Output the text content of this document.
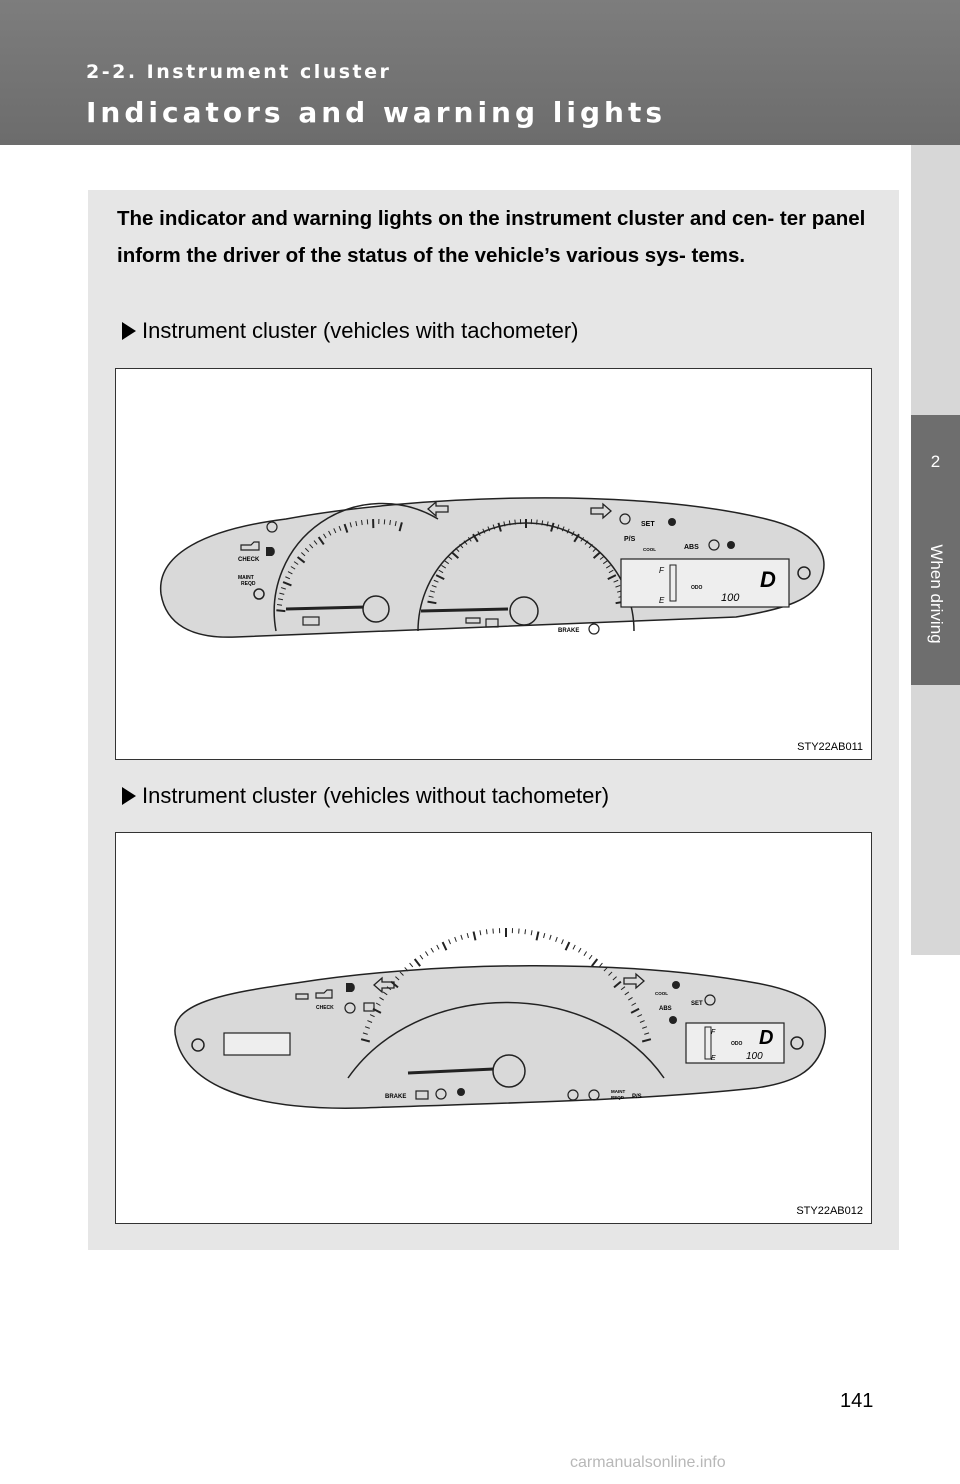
2-2. Instrument cluster
Indicators and warning lights
2
When driving
The indicator and warning lights on the instrument cluster and cen- ter panel inform the driver of the status of the vehicle’s various sys- tems.
Instrument cluster (vehicles with tachometer)
CHECK
MAINT
REQD
SET
P/S
COOL	ABS
ODO
100
D
F
E
BRAKE
STY22AB011
Instrument cluster (vehicles without tachometer)
CHECK
MAINT
REQD P/S
SET
COOL
ABS
ODO
100
D
F
E
BRAKE
STY22AB012
141
carmanualsonline.info
